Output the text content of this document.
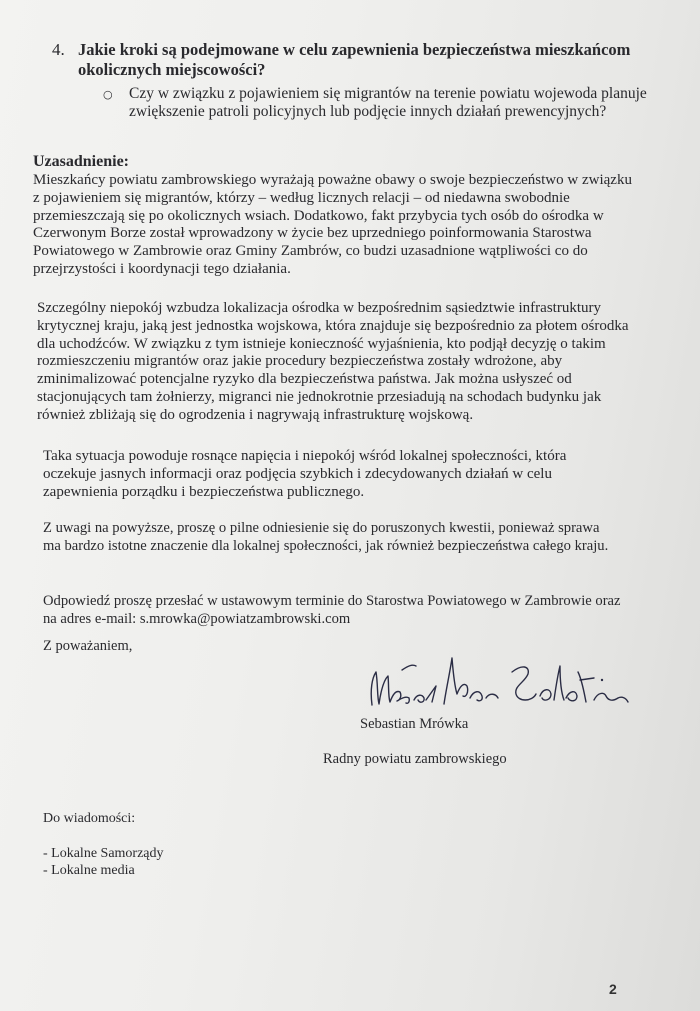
4. Jakie kroki są podejmowane w celu zapewnienia bezpieczeństwa mieszkańcom okolicznych miejscowości?
○ Czy w związku z pojawieniem się migrantów na terenie powiatu wojewoda planuje zwiększenie patroli policyjnych lub podjęcie innych działań prewencyjnych?
Uzasadnienie:
Mieszkańcy powiatu zambrowskiego wyrażają poważne obawy o swoje bezpieczeństwo w związku z pojawieniem się migrantów, którzy – według licznych relacji – od niedawna swobodnie przemieszczają się po okolicznych wsiach. Dodatkowo, fakt przybycia tych osób do ośrodka w Czerwonym Borze został wprowadzony w życie bez uprzedniego poinformowania Starostwa Powiatowego w Zambrowie oraz Gminy Zambrów, co budzi uzasadnione wątpliwości co do przejrzystości i koordynacji tego działania.
Szczególny niepokój wzbudza lokalizacja ośrodka w bezpośrednim sąsiedztwie infrastruktury krytycznej kraju, jaką jest jednostka wojskowa, która znajduje się bezpośrednio za płotem ośrodka dla uchodźców. W związku z tym istnieje konieczność wyjaśnienia, kto podjął decyzję o takim rozmieszczeniu migrantów oraz jakie procedury bezpieczeństwa zostały wdrożone, aby zminimalizować potencjalne ryzyko dla bezpieczeństwa państwa. Jak można usłyszeć od stacjonujących tam żołnierzy, migranci nie jednokrotnie przesiadują na schodach budynku jak również zbliżają się do ogrodzenia i nagrywają infrastrukturę wojskową.
Taka sytuacja powoduje rosnące napięcia i niepokój wśród lokalnej społeczności, która oczekuje jasnych informacji oraz podjęcia szybkich i zdecydowanych działań w celu zapewnienia porządku i bezpieczeństwa publicznego.
Z uwagi na powyższe, proszę o pilne odniesienie się do poruszonych kwestii, ponieważ sprawa ma bardzo istotne znaczenie dla lokalnej społeczności, jak również bezpieczeństwa całego kraju.
Odpowiedź proszę przesłać w ustawowym terminie do Starostwa Powiatowego w Zambrowie oraz na adres e-mail: s.mrowka@powiatzambrowski.com
Z poważaniem,
Sebastian Mrówka
Radny powiatu zambrowskiego
Do wiadomości:
- Lokalne Samorządy
- Lokalne media
2
